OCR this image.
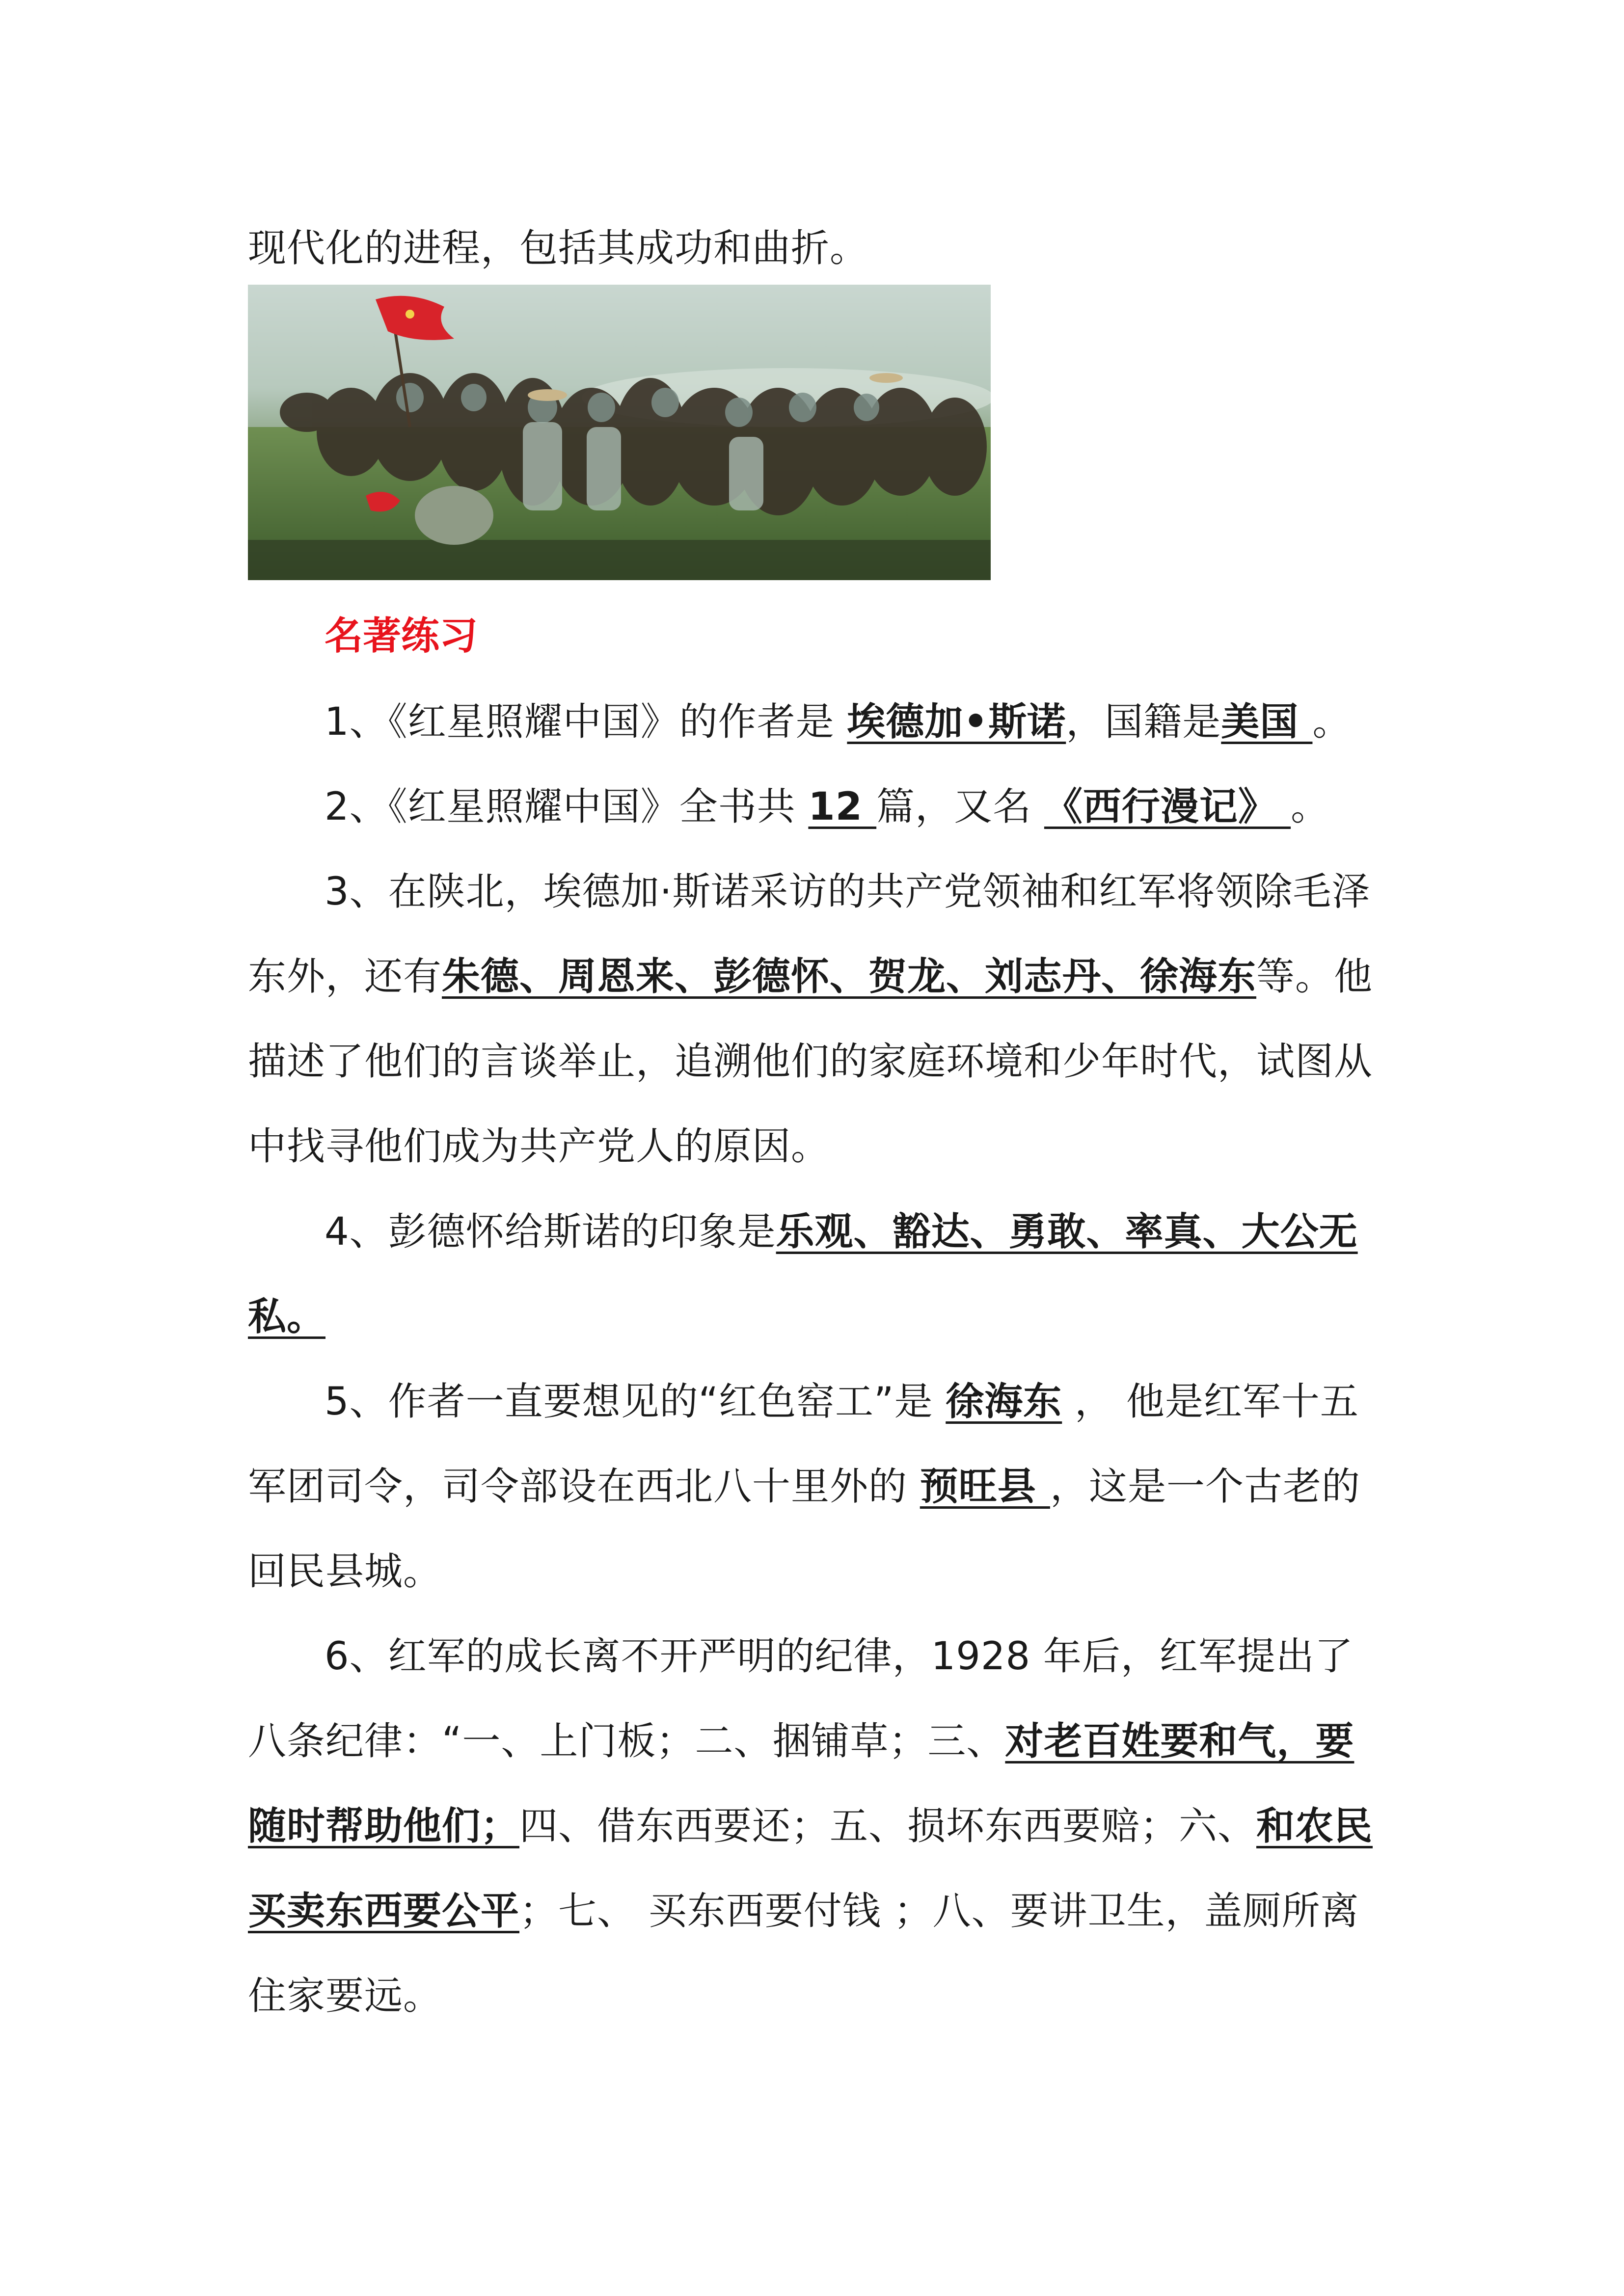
现代化的进程，包括其成功和曲折。

名著练习

1、《红星照耀中国》的作者是 埃德加•斯诺，国籍是美国 。

2、《红星照耀中国》全书共 12 篇，又名 《西行漫记》 。

3、在陕北，埃德加·斯诺采访的共产党领袖和红军将领除毛泽东外，还有朱德、周恩来、彭德怀、贺龙、刘志丹、徐海东等。他描述了他们的言谈举止，追溯他们的家庭环境和少年时代，试图从中找寻他们成为共产党人的原因。

4、彭德怀给斯诺的印象是乐观、豁达、勇敢、率真、大公无私。

5、作者一直要想见的“红色窑工”是 徐海东 ， 他是红军十五军团司令，司令部设在西北八十里外的 预旺县 ，这是一个古老的回民县城。

6、红军的成长离不开严明的纪律，1928 年后，红军提出了八条纪律：“一、上门板；二、捆铺草；三、对老百姓要和气，要随时帮助他们；四、借东西要还；五、损坏东西要赔；六、和农民买卖东西要公平；七、 买东西要付钱 ；八、要讲卫生，盖厕所离住家要远。
